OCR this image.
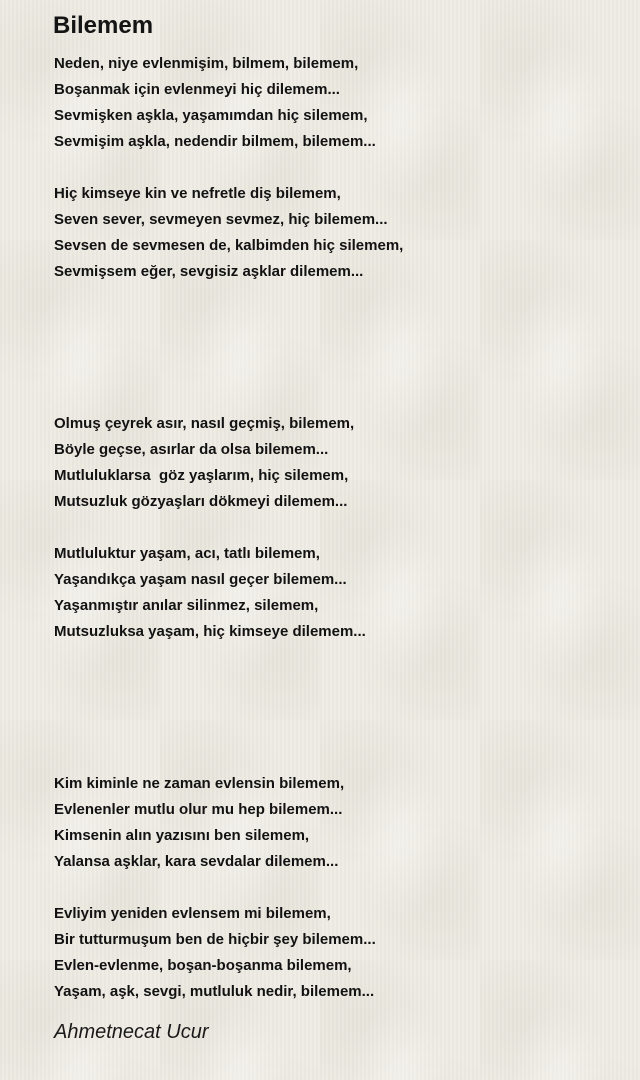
Bilemem
Neden, niye evlenmişim, bilmem, bilemem,
Boşanmak için evlenmeyi hiç dilemem...
Sevmişken aşkla, yaşamımdan hiç silemem,
Sevmişim aşkla, nedendir bilmem, bilemem...
Hiç kimseye kin ve nefretle diş bilemem,
Seven sever, sevmeyen sevmez, hiç bilemem...
Sevsen de sevmesen de, kalbimden hiç silemem,
Sevmişsem eğer, sevgisiz aşklar dilemem...
Olmuş çeyrek asır, nasıl geçmiş, bilemem,
Böyle geçse, asırlar da olsa bilemem...
Mutluluklarsa  göz yaşlarım, hiç silemem,
Mutsuzluk gözyaşları dökmeyi dilemem...
Mutluluktur yaşam, acı, tatlı bilemem,
Yaşandıkça yaşam nasıl geçer bilemem...
Yaşanmıştır anılar silinmez, silemem,
Mutsuzluksa yaşam, hiç kimseye dilemem...
Kim kiminle ne zaman evlensin bilemem,
Evlenenler mutlu olur mu hep bilemem...
Kimsenin alın yazısını ben silemem,
Yalansa aşklar, kara sevdalar dilemem...
Evliyim yeniden evlensem mi bilemem,
Bir tutturmuşum ben de hiçbir şey bilemem...
Evlen-evlenme, boşan-boşanma bilemem,
Yaşam, aşk, sevgi, mutluluk nedir, bilemem...
Ahmetnecat Ucur
